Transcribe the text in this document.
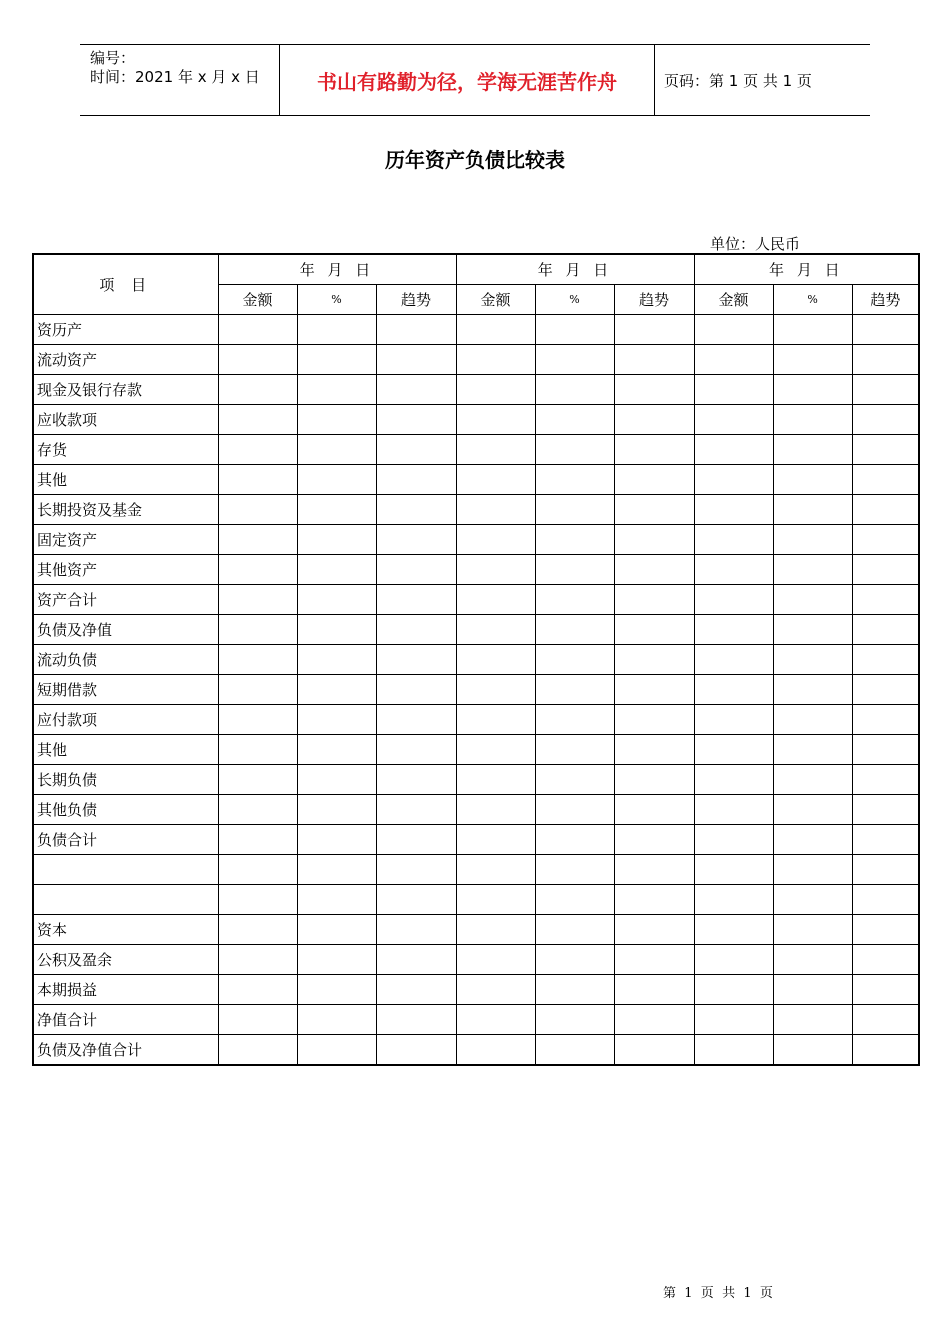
编号：
时间：2021 年 x 月 x 日	书山有路勤为径，学海无涯苦作舟	页码：第 1 页 共 1 页
历年资产负债比较表
单位：人民币
项 目	年 月 日			年 月 日			年 月 日		
	金额	%	趋势	金额	%	趋势	金额	%	趋势
资历产									
流动资产									
现金及银行存款									
应收款项									
存货									
其他									
长期投资及基金									
固定资产									
其他资产									
资产合计									
负债及净值									
流动负债									
短期借款									
应付款项									
其他									
长期负债									
其他负债									
负债合计									

资本									
公积及盈余									
本期损益									
净值合计									
负债及净值合计									
第  1  页  共  1  页
